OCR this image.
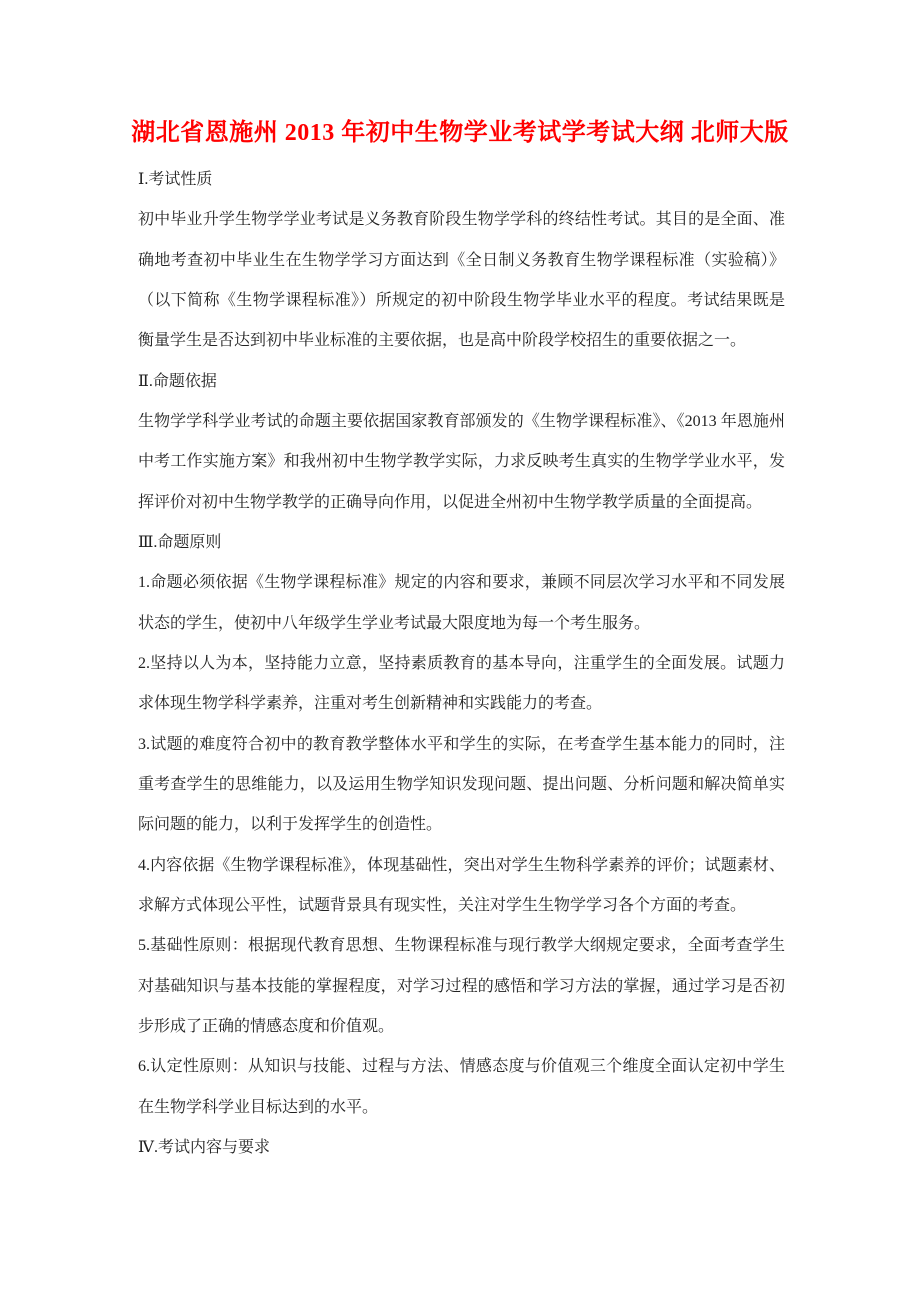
湖北省恩施州 2013 年初中生物学业考试学考试大纲 北师大版

Ⅰ.考试性质

初中毕业升学生物学学业考试是义务教育阶段生物学学科的终结性考试。其目的是全面、准确地考查初中毕业生在生物学学习方面达到《全日制义务教育生物学课程标准（实验稿）》（以下简称《生物学课程标准》）所规定的初中阶段生物学毕业水平的程度。考试结果既是衡量学生是否达到初中毕业标准的主要依据，也是高中阶段学校招生的重要依据之一。

Ⅱ.命题依据

生物学学科学业考试的命题主要依据国家教育部颁发的《生物学课程标准》、《2013 年恩施州中考工作实施方案》和我州初中生物学教学实际，力求反映考生真实的生物学学业水平，发挥评价对初中生物学教学的正确导向作用，以促进全州初中生物学教学质量的全面提高。

Ⅲ.命题原则

1.命题必须依据《生物学课程标准》规定的内容和要求，兼顾不同层次学习水平和不同发展状态的学生，使初中八年级学生学业考试最大限度地为每一个考生服务。

2.坚持以人为本，坚持能力立意，坚持素质教育的基本导向，注重学生的全面发展。试题力求体现生物学科学素养，注重对考生创新精神和实践能力的考查。

3.试题的难度符合初中的教育教学整体水平和学生的实际，在考查学生基本能力的同时，注重考查学生的思维能力，以及运用生物学知识发现问题、提出问题、分析问题和解决简单实际问题的能力，以利于发挥学生的创造性。

4.内容依据《生物学课程标准》，体现基础性，突出对学生生物科学素养的评价；试题素材、求解方式体现公平性，试题背景具有现实性，关注对学生生物学学习各个方面的考查。

5.基础性原则：根据现代教育思想、生物课程标准与现行教学大纲规定要求，全面考查学生对基础知识与基本技能的掌握程度，对学习过程的感悟和学习方法的掌握，通过学习是否初步形成了正确的情感态度和价值观。

6.认定性原则：从知识与技能、过程与方法、情感态度与价值观三个维度全面认定初中学生在生物学科学业目标达到的水平。

Ⅳ.考试内容与要求
